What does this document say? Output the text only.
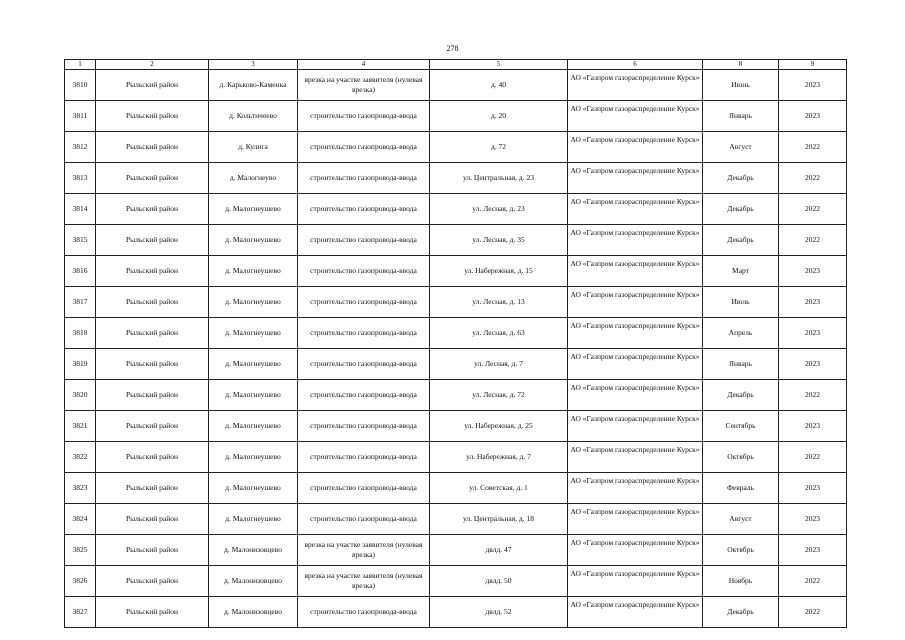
278
1	2	3	4	5	6	8	9
3810	Рыльский район	д. Карьково-Каменка	врезка на участке заявителя (нулевая врезка)	д. 40	АО «Газпром газораспределение Курск»	Июнь	2023
3811	Рыльский район	д. Кольтичеево	строительство газопровода-ввода	д. 20	АО «Газпром газораспределение Курск»	Январь	2023
3812	Рыльский район	д. Кулига	строительство газопровода-ввода	д. 72	АО «Газпром газораспределение Курск»	Август	2022
3813	Рыльский район	д. Малогнеуво	строительство газопровода-ввода	ул. Центральная, д. 23	АО «Газпром газораспределение Курск»	Декабрь	2022
3814	Рыльский район	д. Малогнеушево	строительство газопровода-ввода	ул. Лесная, д. 23	АО «Газпром газораспределение Курск»	Декабрь	2022
3815	Рыльский район	д. Малогнеушево	строительство газопровода-ввода	ул. Лесная, д. 35	АО «Газпром газораспределение Курск»	Декабрь	2022
3816	Рыльский район	д. Малогнеушево	строительство газопровода-ввода	ул. Набережная, д. 15	АО «Газпром газораспределение Курск»	Март	2023
3817	Рыльский район	д. Малогнеушево	строительство газопровода-ввода	ул. Лесная, д. 13	АО «Газпром газораспределение Курск»	Июль	2023
3818	Рыльский район	д. Малогнеушево	строительство газопровода-ввода	ул. Лесная, д. 63	АО «Газпром газораспределение Курск»	Апрель	2023
3819	Рыльский район	д. Малогнеушево	строительство газопровода-ввода	ул. Лесная, д. 7	АО «Газпром газораспределение Курск»	Январь	2023
3820	Рыльский район	д. Малогнеушево	строительство газопровода-ввода	ул. Лесная, д. 72	АО «Газпром газораспределение Курск»	Декабрь	2022
3821	Рыльский район	д. Малогнеушево	строительство газопровода-ввода	ул. Набережная, д. 25	АО «Газпром газораспределение Курск»	Сентябрь	2023
3822	Рыльский район	д. Малогнеушево	строительство газопровода-ввода	ул. Набережная, д. 7	АО «Газпром газораспределение Курск»	Октябрь	2022
3823	Рыльский район	д. Малогнеушево	строительство газопровода-ввода	ул. Советская, д. 1	АО «Газпром газораспределение Курск»	Февраль	2023
3824	Рыльский район	д. Малогнеушево	строительство газопровода-ввода	ул. Центральная, д. 18	АО «Газпром газораспределение Курск»	Август	2023
3825	Рыльский район	д. Малонизовцево	врезка на участке заявителя (нулевая врезка)	двлд. 47	АО «Газпром газораспределение Курск»	Октябрь	2023
3826	Рыльский район	д. Малонизовцево	врезка на участке заявителя (нулевая врезка)	двлд. 50	АО «Газпром газораспределение Курск»	Ноябрь	2022
3827	Рыльский район	д. Малонизовцево	строительство газопровода-ввода	двлд. 52	АО «Газпром газораспределение Курск»	Декабрь	2022
